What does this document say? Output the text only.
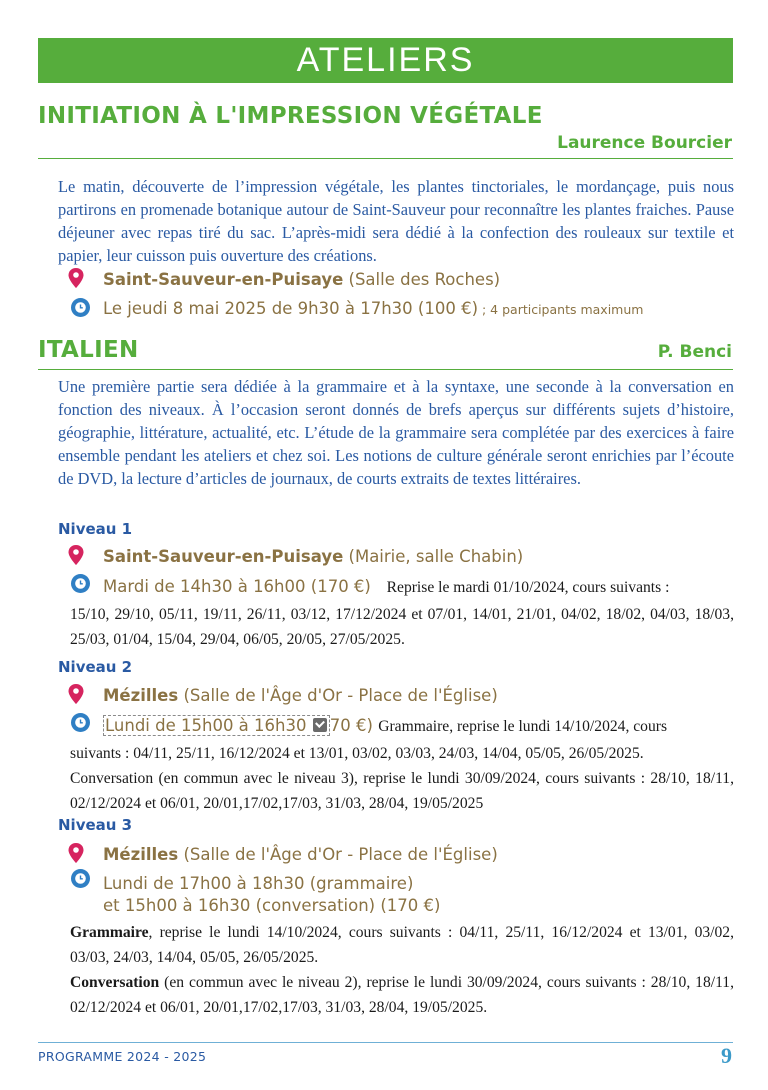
ATELIERS
INITIATION À L'IMPRESSION VÉGÉTALE
Laurence Bourcier

Le matin, découverte de l’impression végétale, les plantes tinctoriales, le mordançage, puis nous partirons en promenade botanique autour de Saint-Sauveur pour reconnaître les plantes fraiches. Pause déjeuner avec repas tiré du sac. L’après-midi sera dédié à la confection des rouleaux sur textile et papier, leur cuisson puis ouverture des créations.

Saint-Sauveur-en-Puisaye (Salle des Roches)
Le jeudi 8 mai 2025 de 9h30 à 17h30 (100 €) ; 4 participants maximum
ITALIEN	P. Benci

Une première partie sera dédiée à la grammaire et à la syntaxe, une seconde à la conversation en fonction des niveaux. À l’occasion seront donnés de brefs aperçus sur différents sujets d’histoire, géographie, littérature, actualité, etc. L’étude de la grammaire sera complétée par des exercices à faire ensemble pendant les ateliers et chez soi. Les notions de culture générale seront enrichies par l’écoute de DVD, la lecture d’articles de journaux, de courts extraits de textes littéraires.

Niveau 1
Saint-Sauveur-en-Puisaye (Mairie, salle Chabin)
Mardi de 14h30 à 16h00 (170 €) Reprise le mardi 01/10/2024, cours suivants :

15/10, 29/10, 05/11, 19/11, 26/11, 03/12, 17/12/2024 et 07/01, 14/01, 21/01, 04/02, 18/02, 04/03, 18/03, 25/03, 01/04, 15/04, 29/04, 06/05, 20/05, 27/05/2025.

Niveau 2
Mézilles (Salle de l'Âge d'Or - Place de l'Église)
Lundi de 15h00 à 16h30 70 €) Grammaire, reprise le lundi 14/10/2024, cours

suivants : 04/11, 25/11, 16/12/2024 et 13/01, 03/02, 03/03, 24/03, 14/04, 05/05, 26/05/2025.

Conversation (en commun avec le niveau 3), reprise le lundi 30/09/2024, cours suivants : 28/10, 18/11, 02/12/2024 et 06/01, 20/01,17/02,17/03, 31/03, 28/04, 19/05/2025

Niveau 3
Mézilles (Salle de l'Âge d'Or - Place de l'Église)
Lundi de 17h00 à 18h30 (grammaire)
et 15h00 à 16h30 (conversation) (170 €)

Grammaire, reprise le lundi 14/10/2024, cours suivants : 04/11, 25/11, 16/12/2024 et 13/01, 03/02, 03/03, 24/03, 14/04, 05/05, 26/05/2025.

Conversation (en commun avec le niveau 2), reprise le lundi 30/09/2024, cours suivants : 28/10, 18/11, 02/12/2024 et 06/01, 20/01,17/02,17/03, 31/03, 28/04, 19/05/2025.

PROGRAMME 2024 - 2025	9
